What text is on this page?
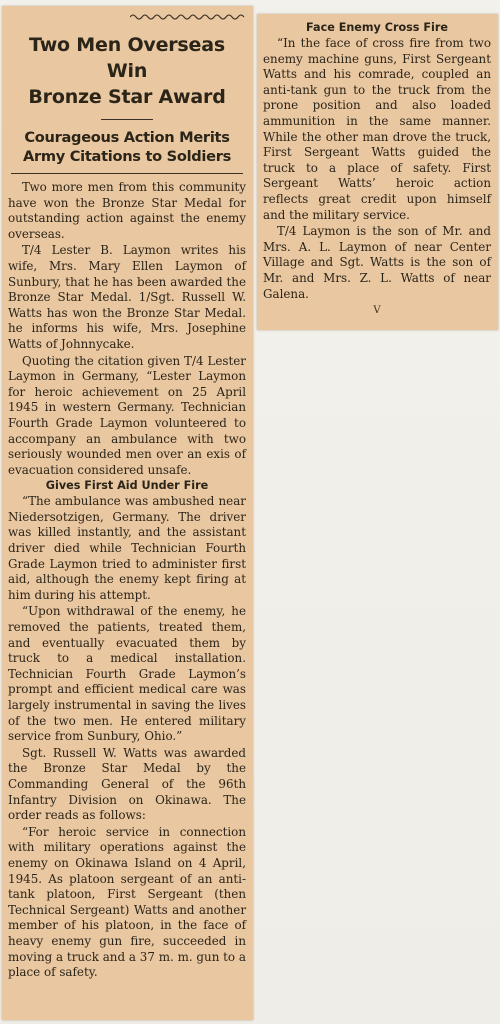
Two Men Overseas Win
Bronze Star Award
Courageous Action Merits
Army Citations to Soldiers

Two more men from this community have won the Bronze Star Medal for outstanding action against the enemy overseas.

T/4 Lester B. Laymon writes his wife, Mrs. Mary Ellen Laymon of Sunbury, that he has been awarded the Bronze Star Medal. 1/Sgt. Russell W. Watts has won the Bronze Star Medal. he informs his wife, Mrs. Josephine Watts of Johnnycake.

Quoting the citation given T/4 Lester Laymon in Germany, “Lester Laymon for heroic achievement on 25 April 1945 in western Germany. Technician Fourth Grade Laymon volunteered to accompany an ambulance with two seriously wounded men over an exis of evacuation considered unsafe.

Gives First Aid Under Fire

“The ambulance was ambushed near Niedersotzigen, Germany. The driver was killed instantly, and the assistant driver died while Technician Fourth Grade Laymon tried to administer first aid, although the enemy kept firing at him during his attempt.

“Upon withdrawal of the enemy, he removed the patients, treated them, and eventually evacuated them by truck to a medical installation. Technician Fourth Grade Laymon’s prompt and efficient medical care was largely instrumental in saving the lives of the two men. He entered military service from Sunbury, Ohio.”

Sgt. Russell W. Watts was awarded the Bronze Star Medal by the Commanding General of the 96th Infantry Division on Okinawa. The order reads as follows:

“For heroic service in connection with military operations against the enemy on Okinawa Island on 4 April, 1945. As platoon sergeant of an anti-tank platoon, First Sergeant (then Technical Sergeant) Watts and another member of his platoon, in the face of heavy enemy gun fire, succeeded in moving a truck and a 37 m. m. gun to a place of safety.

Face Enemy Cross Fire

“In the face of cross fire from two enemy machine guns, First Sergeant Watts and his comrade, coupled an anti-tank gun to the truck from the prone position and also loaded ammunition in the same manner. While the other man drove the truck, First Sergeant Watts guided the truck to a place of safety. First Sergeant Watts’ heroic action reflects great credit upon himself and the military service.

T/4 Laymon is the son of Mr. and Mrs. A. L. Laymon of near Center Village and Sgt. Watts is the son of Mr. and Mrs. Z. L. Watts of near Galena.

V
